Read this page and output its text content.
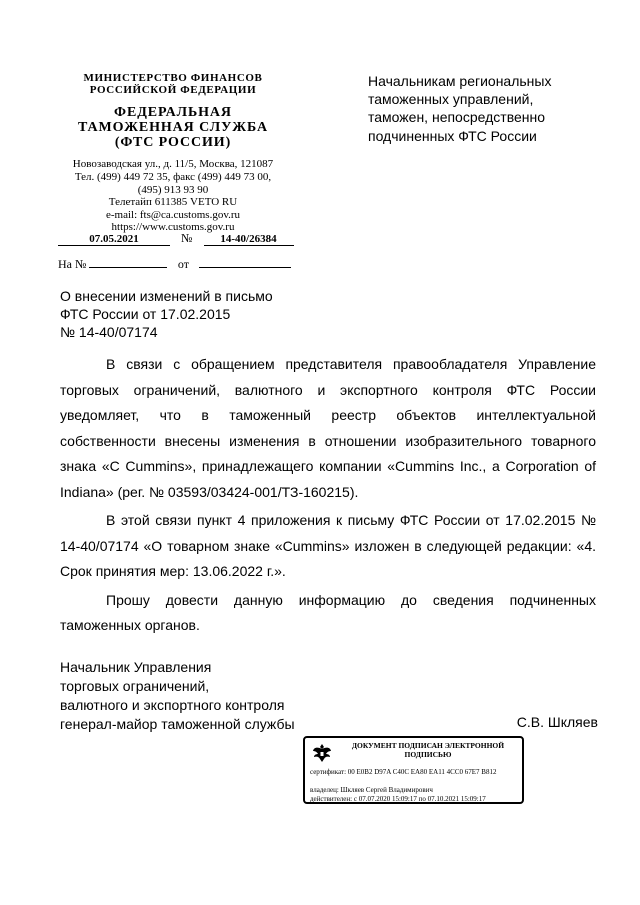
МИНИСТЕРСТВО ФИНАНСОВ
РОССИЙСКОЙ ФЕДЕРАЦИИ
ФЕДЕРАЛЬНАЯ
ТАМОЖЕННАЯ СЛУЖБА
(ФТС РОССИИ)
Новозаводская ул., д. 11/5, Москва, 121087
Тел. (499) 449 72 35, факс (499) 449 73 00,
(495) 913 93 90
Телетайп 611385 VETO RU
e-mail: fts@ca.customs.gov.ru
https://www.customs.gov.ru
07.05.2021	№	14-40/26384
На №	от
Начальникам региональных
таможенных управлений,
таможен, непосредственно
подчиненных ФТС России
О внесении изменений в письмо
ФТС России от 17.02.2015
№ 14-40/07174

В связи с обращением представителя правообладателя Управление торговых ограничений, валютного и экспортного контроля ФТС России уведомляет, что в таможенный реестр объектов интеллектуальной собственности внесены изменения в отношении изобразительного товарного знака «C Cummins», принадлежащего компании «Cummins Inc., a Corporation of Indiana» (рег. № 03593/03424-001/ТЗ-160215).

В этой связи пункт 4 приложения к письму ФТС России от 17.02.2015 № 14-40/07174 «О товарном знаке «Cummins» изложен в следующей редакции: «4. Срок принятия мер: 13.06.2022 г.».

Прошу довести данную информацию до сведения подчиненных таможенных органов.

Начальник Управления
торговых ограничений,
валютного и экспортного контроля
генерал-майор таможенной службы	С.В. Шкляев
ДОКУМЕНТ ПОДПИСАН ЭЛЕКТРОННОЙ ПОДПИСЬЮ
сертификат: 00 E0B2 D97A C40C EA80 EA11 4CC0 67E7 B812
владелец: Шкляев Сергей Владимирович
действителен: с 07.07.2020 15:09:17 по 07.10.2021 15:09:17
